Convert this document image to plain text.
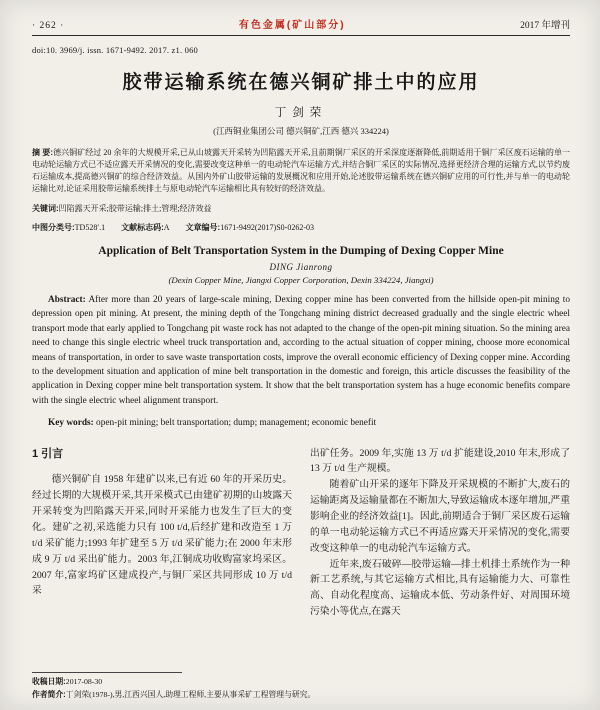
· 262 ·	有色金属(矿山部分)	2017 年增刊
doi:10. 3969/j. issn. 1671-9492. 2017. z1. 060
胶带运输系统在德兴铜矿排土中的应用
丁剑荣
(江西铜业集团公司 德兴铜矿,江西 德兴 334224)

摘 要:德兴铜矿经过 20 余年的大规模开采,已从山坡露天开采转为凹陷露天开采,且前期铜厂采区的开采深度逐渐降低,前期适用于铜厂采区废石运输的单一电动轮运输方式已不适应露天开采情况的变化,需要改变这种单一的电动轮汽车运输方式,并结合铜厂采区的实际情况,选择更经济合理的运输方式,以节约废石运输成本,提高德兴铜矿的综合经济效益。从国内外矿山胶带运输的发展概况和应用开始,论述胶带运输系统在德兴铜矿应用的可行性,并与单一的电动轮运输比对,论证采用胶带运输系统排土与原电动轮汽车运输相比具有较好的经济效益。

关键词:凹陷露天开采;胶带运输;排土;管理;经济效益

中图分类号:TD528′.1 文献标志码:A 文章编号:1671-9492(2017)S0-0262-03

Application of Belt Transportation System in the Dumping of Dexing Copper Mine
DING Jianrong
(Dexin Copper Mine, Jiangxi Copper Corporation, Dexin 334224, Jiangxi)

Abstract: After more than 20 years of large-scale mining, Dexing copper mine has been converted from the hillside open-pit mining to depression open pit mining. At present, the mining depth of the Tongchang mining district decreased gradually and the single electric wheel transport mode that early applied to Tongchang pit waste rock has not adapted to the change of the open-pit mining situation. So the mining area need to change this single electric wheel truck transportation and, according to the actual situation of copper mining, choose more economical means of transportation, in order to save waste transportation costs, improve the overall economic efficiency of Dexing copper mine. According to the development situation and application of mine belt transportation in the domestic and foreign, this article discusses the feasibility of the application in Dexing copper mine belt transportation system. It show that the belt transportation system has a huge economic benefits compare with the single electric wheel alignment transport.

Key words: open-pit mining; belt transportation; dump; management; economic benefit

1 引言

德兴铜矿自 1958 年建矿以来,已有近 60 年的开采历史。经过长期的大规模开采,其开采模式已由建矿初期的山坡露天开采转变为凹陷露天开采,同时开采能力也发生了巨大的变化。建矿之初,采选能力只有 100 t/d,后经扩建和改造至 1 万 t/d 采矿能力;1993 年扩建至 5 万 t/d 采矿能力;在 2000 年末形成 9 万 t/d 采出矿能力。2003 年,江铜成功收购富家坞采区。2007 年,富家坞矿区建成投产,与铜厂采区共同形成 10 万 t/d 采

出矿任务。2009 年,实施 13 万 t/d 扩能建设,2010 年末,形成了 13 万 t/d 生产规模。

随着矿山开采的逐年下降及开采规模的不断扩大,废石的运输距离及运输量都在不断加大,导致运输成本逐年增加,严重影响企业的经济效益[1]。因此,前期适合于铜厂采区废石运输的单一电动轮运输方式已不再适应露天开采情况的变化,需要改变这种单一的电动轮汽车运输方式。

近年来,废石破碎—胶带运输—排土机排土系统作为一种新工艺系统,与其它运输方式相比,具有运输能力大、可靠性高、自动化程度高、运输成本低、劳动条件好、对周围环境污染小等优点,在露天

收稿日期:2017-08-30
作者简介:丁剑荣(1978-),男,江西兴国人,助理工程师,主要从事采矿工程管理与研究。
